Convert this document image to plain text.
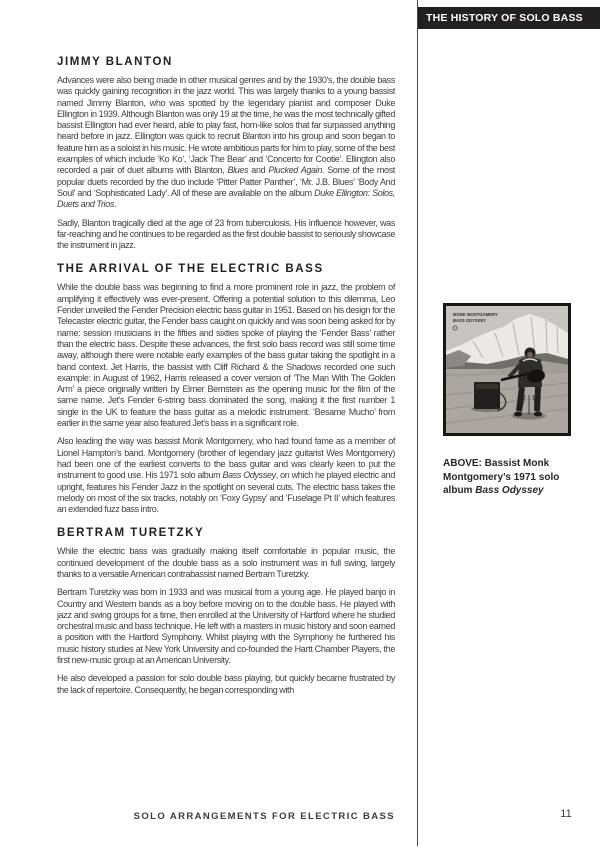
THE HISTORY OF SOLO BASS
JIMMY BLANTON

Advances were also being made in other musical genres and by the 1930’s, the double bass was quickly gaining recognition in the jazz world. This was largely thanks to a young bassist named Jimmy Blanton, who was spotted by the legendary pianist and composer Duke Ellington in 1939. Although Blanton was only 19 at the time, he was the most technically gifted bassist Ellington had ever heard, able to play fast, horn-like solos that far surpassed anything heard before in jazz. Ellington was quick to recruit Blanton into his group and soon began to feature him as a soloist in his music. He wrote ambitious parts for him to play, some of the best examples of which include ‘Ko Ko’, ‘Jack The Bear’ and ‘Concerto for Cootie’. Ellington also recorded a pair of duet albums with Blanton, Blues and Plucked Again. Some of the most popular duets recorded by the duo include ‘Pitter Patter Panther’, ‘Mr. J.B. Blues’ ‘Body And Soul’ and ‘Sophisticated Lady’. All of these are available on the album Duke Ellington: Solos, Duets and Trios.

Sadly, Blanton tragically died at the age of 23 from tuberculosis. His influence however, was far-reaching and he continues to be regarded as the first double bassist to seriously showcase the instrument in jazz.

THE ARRIVAL OF THE ELECTRIC BASS

While the double bass was beginning to find a more prominent role in jazz, the problem of amplifying it effectively was ever-present. Offering a potential solution to this dilemma, Leo Fender unveiled the Fender Precision electric bass guitar in 1951. Based on his design for the Telecaster electric guitar, the Fender bass caught on quickly and was soon being asked for by name: session musicians in the fifties and sixties spoke of playing the ‘Fender Bass’ rather than the electric bass. Despite these advances, the first solo bass record was still some time away, although there were notable early examples of the bass guitar taking the spotlight in a band context. Jet Harris, the bassist with Cliff Richard & the Shadows recorded one such example: in August of 1962, Harris released a cover version of ‘The Man With The Golden Arm’ a piece originally written by Elmer Bernstein as the opening music for the film of the same name. Jet’s Fender 6-string bass dominated the song, making it the first number 1 single in the UK to feature the bass guitar as a melodic instrument. ‘Besame Mucho’ from earlier in the same year also featured Jet’s bass in a significant role.

Also leading the way was bassist Monk Montgomery, who had found fame as a member of Lionel Hampton’s band. Montgomery (brother of legendary jazz guitarist Wes Montgomery) had been one of the earliest converts to the bass guitar and was clearly keen to put the instrument to good use. His 1971 solo album Bass Odyssey, on which he played electric and upright, features his Fender Jazz in the spotlight on several cuts. The electric bass takes the melody on most of the six tracks, notably on ‘Foxy Gypsy’ and ‘Fuselage Pt II’ which features an extended fuzz bass intro.

BERTRAM TURETZKY

While the electric bass was gradually making itself comfortable in popular music, the continued development of the double bass as a solo instrument was in full swing, largely thanks to a versatile American contrabassist named Bertram Turetzky.

Bertram Turetzky was born in 1933 and was musical from a young age. He played banjo in Country and Western bands as a boy before moving on to the double bass. He played with jazz and swing groups for a time, then enrolled at the University of Hartford where he studied orchestral music and bass technique. He left with a masters in music history and soon earned a position with the Hartford Symphony. Whilst playing with the Symphony he furthered his music history studies at New York University and co-founded the Hartt Chamber Players, the first new-music group at an American University.

He also developed a passion for solo double bass playing, but quickly became frustrated by the lack of repertoire. Consequently, he began corresponding with

MONK MONTGOMERY
BASS ODYSSEY
ABOVE: Bassist Monk Montgomery’s 1971 solo album Bass Odyssey
SOLO ARRANGEMENTS FOR ELECTRIC BASS	11
